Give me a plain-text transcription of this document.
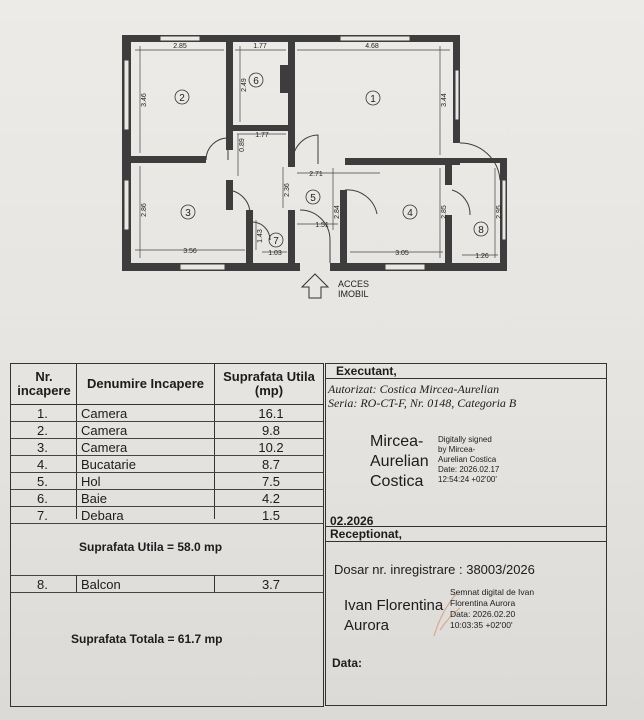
2
6
1
3
5
4
7
8
2.85	1.77	4.68
3.46
2.49
3.44
1.77
0.89
2.71
2.36
2.84
2.86	2.85	2.95
1.43
1.03
1.51
3.56	3.05	1.26
ACCES
IMOBIL
Nr.
incapere	Denumire Incapere	Suprafata Utila
(mp)
1.	Camera	16.1
2.	Camera	9.8
3.	Camera	10.2
4.	Bucatarie	8.7
5.	Hol	7.5
6.	Baie	4.2
7.	Debara	1.5
Suprafata Utila = 58.0 mp
8.	Balcon	3.7
Suprafata Totala = 61.7 mp
Executant,
Autorizat: Costica Mircea-Aurelian
Seria: RO-CT-F, Nr. 0148, Categoria B
Mircea-
Aurelian
Costica
Digitally signed
by Mircea-
Aurelian Costica
Date: 2026.02.17
12:54:24 +02'00'
02.2026
Receptionat,
Dosar nr. inregistrare : 38003/2026
Ivan Florentina
Aurora
Semnat digital de Ivan
Florentina Aurora
Data: 2026.02.20
10:03:35 +02'00'
Data:
